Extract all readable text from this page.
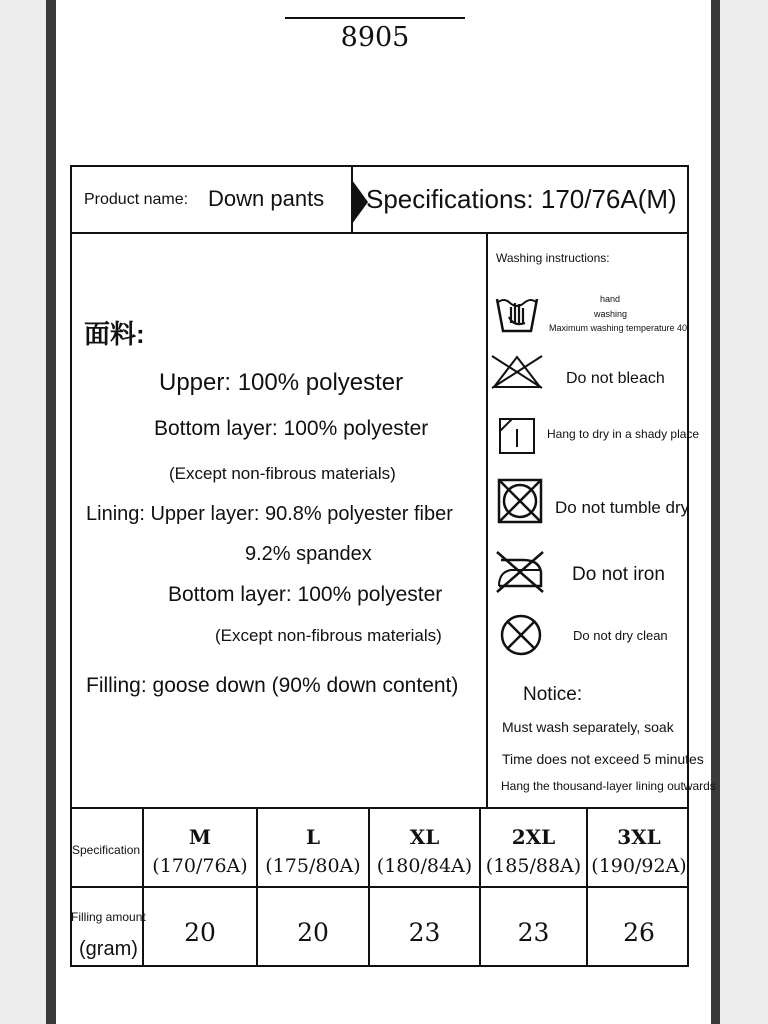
8905
Product name: Down pants Specifications: 170/76A(M)
面料:
Upper: 100% polyester
Bottom layer: 100% polyester
(Except non-fibrous materials)
Lining: Upper layer: 90.8% polyester fiber
9.2% spandex
Bottom layer: 100% polyester
(Except non-fibrous materials)
Filling: goose down (90% down content)
Washing instructions:
hand
washing
Maximum washing temperature 40
Do not bleach
Hang to dry in a shady place
Do not tumble dry
Do not iron
Do not dry clean
Notice:
Must wash separately, soak
Time does not exceed 5 minutes
Hang the thousand-layer lining outwards
Specification
Filling amount
(gram)
M
(170/76A)
20
L
(175/80A)
20
XL
(180/84A)
23
2XL
(185/88A)
23
3XL
(190/92A)
26
